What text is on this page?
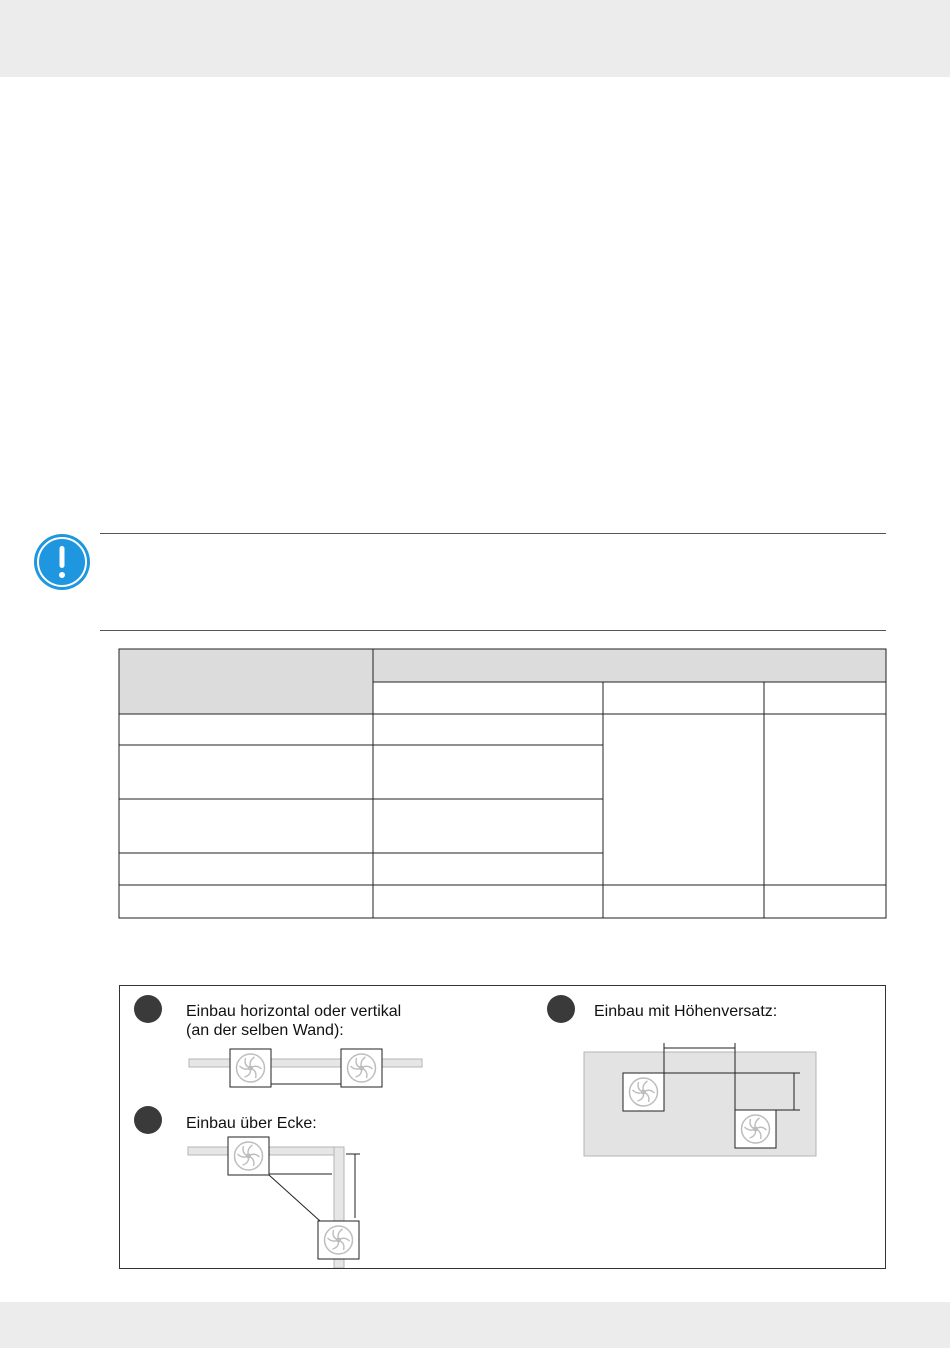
Einbau horizontal oder vertikal
(an der selben Wand):
Einbau über Ecke:
Einbau mit Höhenversatz:
